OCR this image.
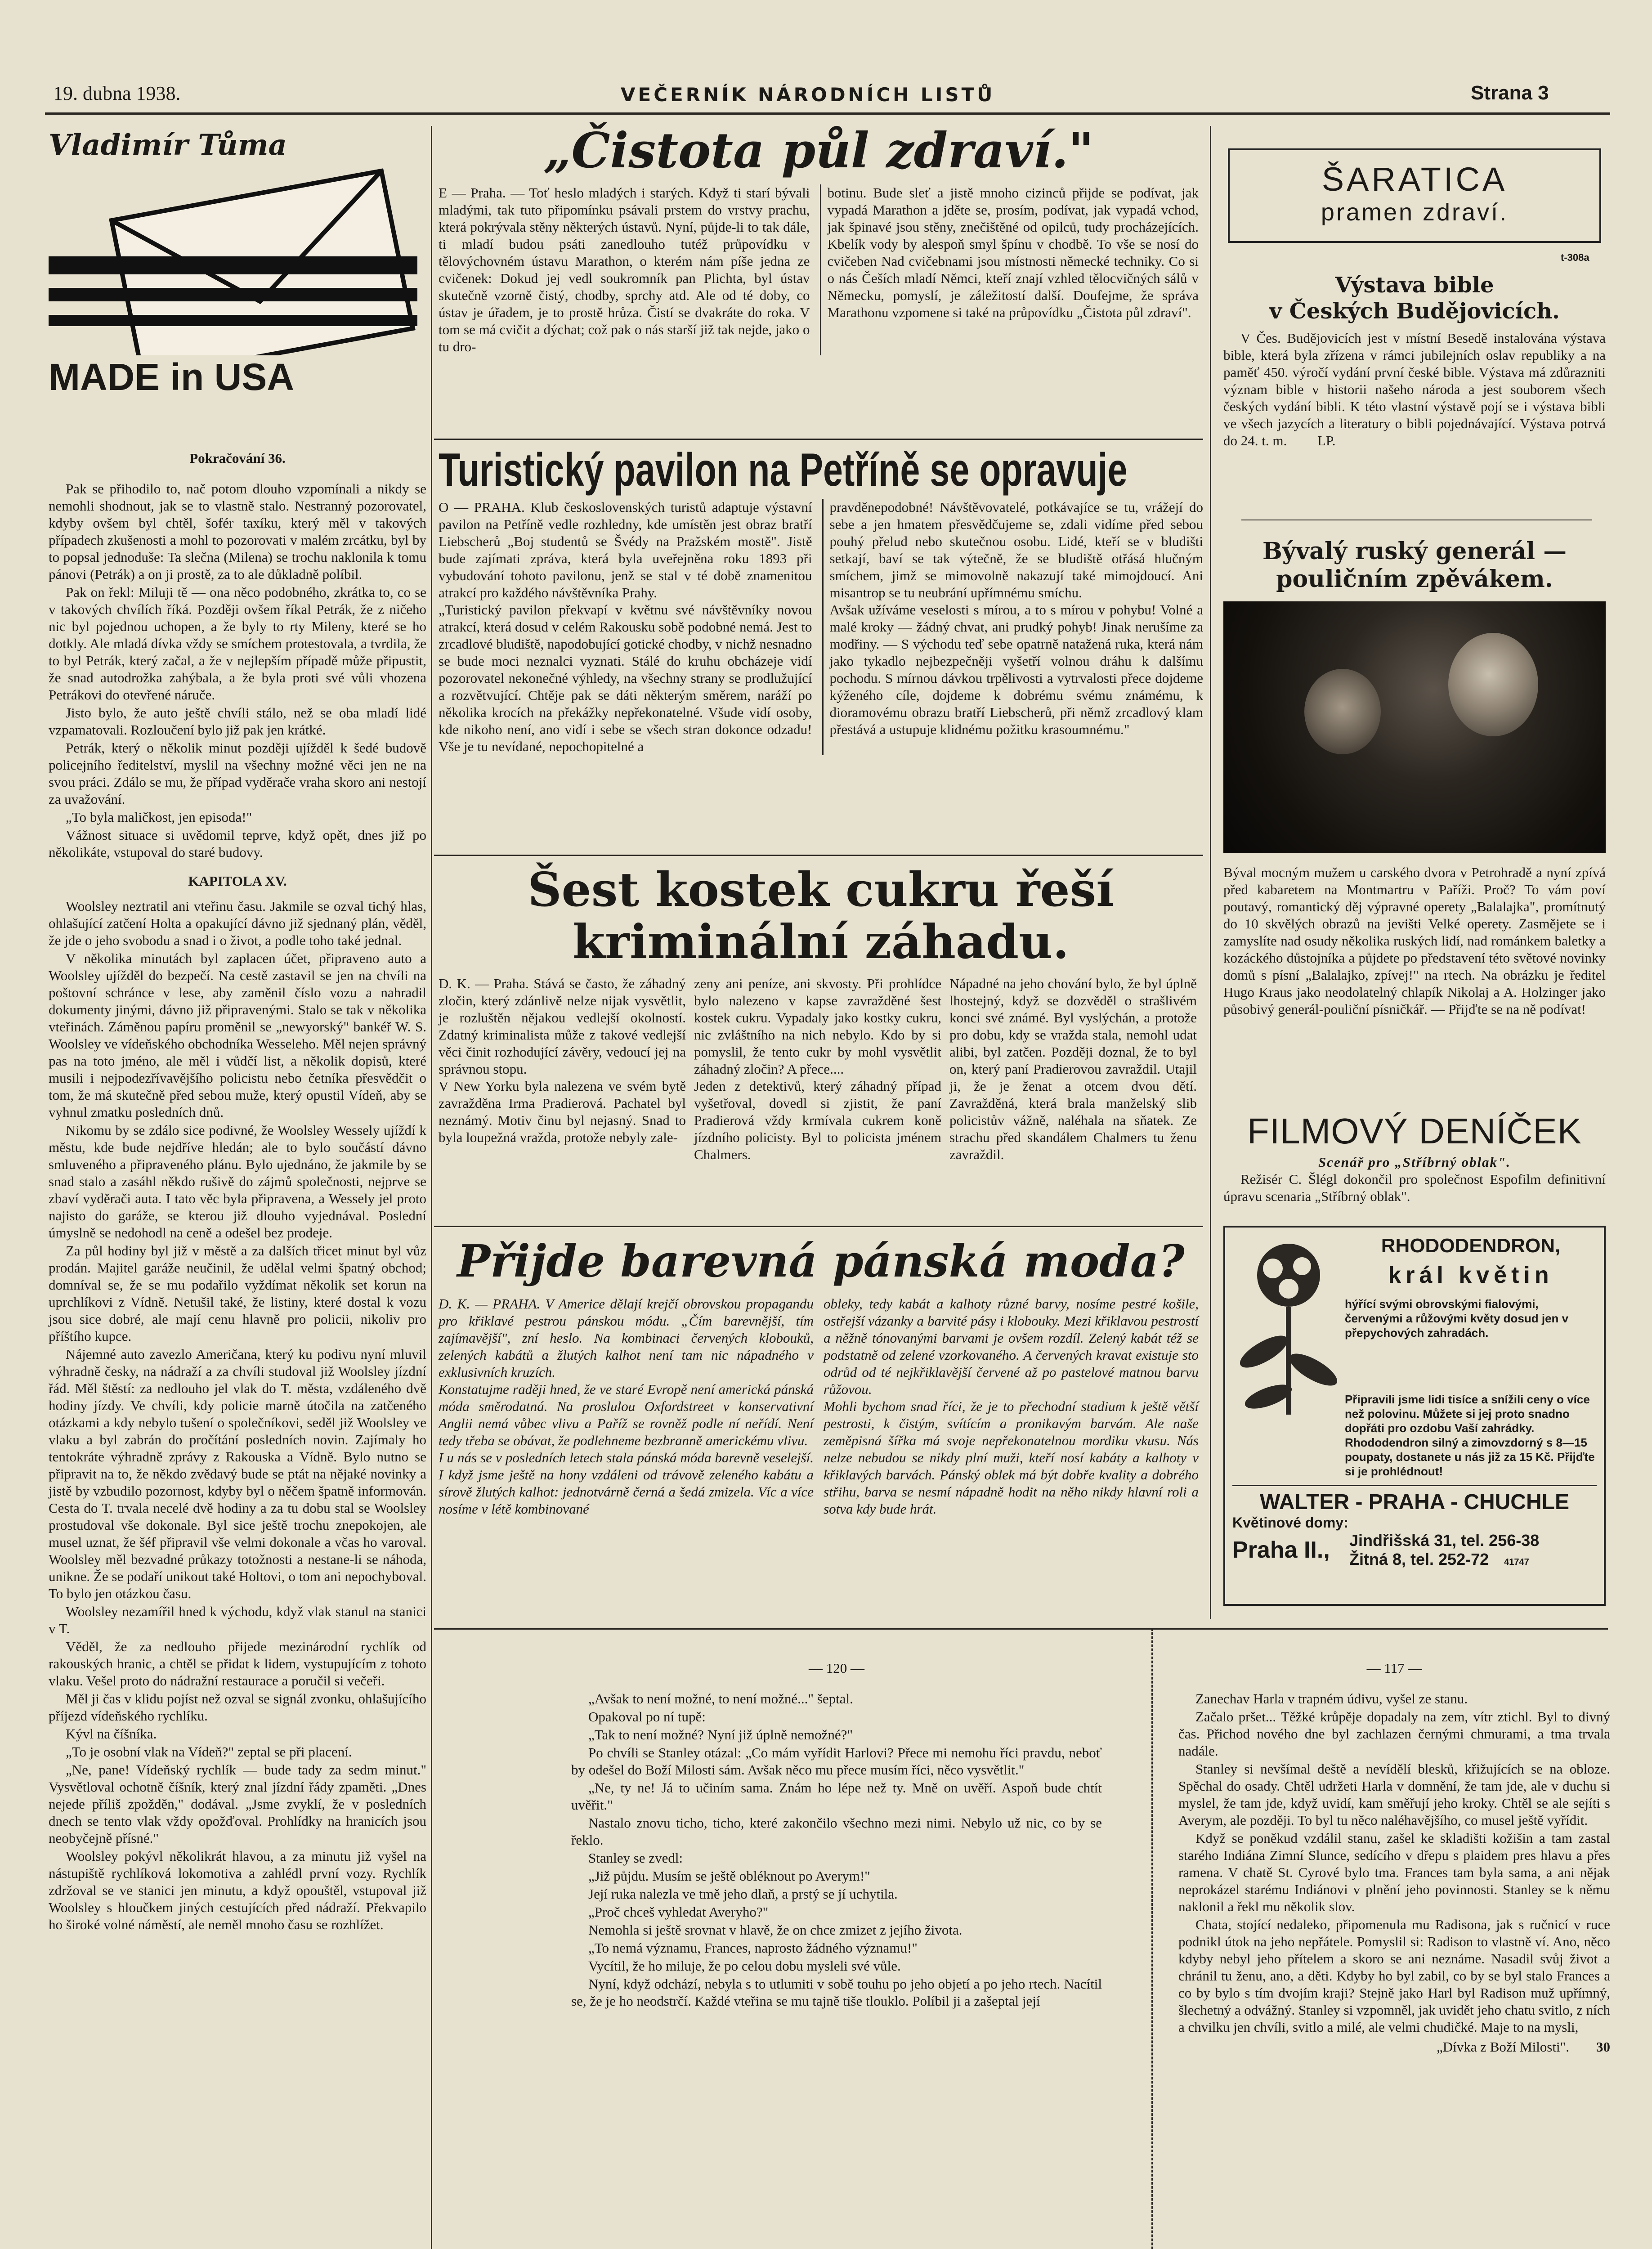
19. dubna 1938.	VEČERNÍK NÁRODNÍCH LISTŮ	Strana 3
Vladimír Tůma
MADE in USA
Pokračování 36.

Pak se přihodilo to, nač potom dlouho vzpomínali a nikdy se nemohli shodnout, jak se to vlastně stalo. Nestranný pozorovatel, kdyby ovšem byl chtěl, šofér taxíku, který měl v takových případech zkušenosti a mohl to pozorovati v malém zrcátku, byl by to popsal jednoduše: Ta slečna (Milena) se trochu naklonila k tomu pánovi (Petrák) a on ji prostě, za to ale důkladně políbil.

Pak on řekl: Miluji tě — ona něco podobného, zkrátka to, co se v takových chvílích říká. Později ovšem říkal Petrák, že z ničeho nic byl pojednou uchopen, a že byly to rty Mileny, které se ho dotkly. Ale mladá dívka vždy se smíchem protestovala, a tvrdila, že to byl Petrák, který začal, a že v nejlepším případě může připustit, že snad autodrožka zahýbala, a že byla proti své vůli vhozena Petrákovi do otevřené náruče.

Jisto bylo, že auto ještě chvíli stálo, než se oba mladí lidé vzpamatovali. Rozloučení bylo již pak jen krátké.

Petrák, který o několik minut později ujížděl k šedé budově policejního ředitelství, myslil na všechny možné věci jen ne na svou práci. Zdálo se mu, že případ vyděrače vraha skoro ani nestojí za uvažování.

„To byla maličkost, jen episoda!"

Vážnost situace si uvědomil teprve, když opět, dnes již po několikáte, vstupoval do staré budovy.

KAPITOLA XV.

Woolsley neztratil ani vteřinu času. Jakmile se ozval tichý hlas, ohlašující zatčení Holta a opakující dávno již sjednaný plán, věděl, že jde o jeho svobodu a snad i o život, a podle toho také jednal.

V několika minutách byl zaplacen účet, připraveno auto a Woolsley ujížděl do bezpečí. Na cestě zastavil se jen na chvíli na poštovní schránce v lese, aby zaměnil číslo vozu a nahradil dokumenty jinými, dávno již připravenými. Stalo se tak v několika vteřinách. Záměnou papíru proměnil se „newyorský" bankéř W. S. Woolsley ve vídeňského obchodníka Wesseleho. Měl nejen správný pas na toto jméno, ale měl i vůdčí list, a několik dopisů, které musili i nejpodezřívavějšího policistu nebo četníka přesvědčit o tom, že má skutečně před sebou muže, který opustil Vídeň, aby se vyhnul zmatku posledních dnů.

Nikomu by se zdálo sice podivné, že Woolsley Wessely ujíždí k městu, kde bude nejdříve hledán; ale to bylo součástí dávno smluveného a připraveného plánu. Bylo ujednáno, že jakmile by se snad stalo a zasáhl někdo rušivě do zájmů společnosti, nejprve se zbaví vyděrači auta. I tato věc byla připravena, a Wessely jel proto najisto do garáže, se kterou již dlouho vyjednával. Poslední úmyslně se nedohodl na ceně a odešel bez prodeje.

Za půl hodiny byl již v městě a za dalších třicet minut byl vůz prodán. Majitel garáže neučinil, že udělal velmi špatný obchod; domníval se, že se mu podařilo vyždímat několik set korun na uprchlíkovi z Vídně. Netušil také, že listiny, které dostal k vozu jsou sice dobré, ale mají cenu hlavně pro policii, nikoliv pro příštího kupce.

Nájemné auto zavezlo Američana, který ku podivu nyní mluvil výhradně česky, na nádraží a za chvíli studoval již Woolsley jízdní řád. Měl štěstí: za nedlouho jel vlak do T. města, vzdáleného dvě hodiny jízdy. Ve chvíli, kdy policie marně útočila na zatčeného otázkami a kdy nebylo tušení o společníkovi, seděl již Woolsley ve vlaku a byl zabrán do pročítání posledních novin. Zajímaly ho tentokráte výhradně zprávy z Rakouska a Vídně. Bylo nutno se připravit na to, že někdo zvědavý bude se ptát na nějaké novinky a jistě by vzbudilo pozornost, kdyby byl o něčem špatně informován. Cesta do T. trvala necelé dvě hodiny a za tu dobu stal se Woolsley prostudoval vše dokonale. Byl sice ještě trochu znepokojen, ale musel uznat, že šéf připravil vše velmi dokonale a včas ho varoval. Woolsley měl bezvadné průkazy totožnosti a nestane-li se náhoda, unikne. Že se podaří unikout také Holtovi, o tom ani nepochyboval. To bylo jen otázkou času.

Woolsley nezamířil hned k východu, když vlak stanul na stanici v T.

Věděl, že za nedlouho přijede mezinárodní rychlík od rakouských hranic, a chtěl se přidat k lidem, vystupujícím z tohoto vlaku. Vešel proto do nádražní restaurace a poručil si večeři.

Měl ji čas v klidu pojíst než ozval se signál zvonku, ohlašujícího příjezd vídeňského rychlíku.

Kývl na číšníka.

„To je osobní vlak na Vídeň?" zeptal se při placení.

„Ne, pane! Vídeňský rychlík — bude tady za sedm minut." Vysvětloval ochotně číšník, který znal jízdní řády zpaměti. „Dnes nejede příliš zpožděn," dodával. „Jsme zvyklí, že v posledních dnech se tento vlak vždy opožďoval. Prohlídky na hranicích jsou neobyčejně přísné."

Woolsley pokývl několikrát hlavou, a za minutu již vyšel na nástupiště rychlíková lokomotiva a zahlédl první vozy. Rychlík zdržoval se ve stanici jen minutu, a když opouštěl, vstupoval již Woolsley s hloučkem jiných cestujících před nádraží. Překvapilo ho široké volné náměstí, ale neměl mnoho času se rozhlížet.

„Čistota půl zdraví."
E — Praha. — Toť heslo mladých i starých. Když ti starí bývali mladými, tak tuto připomínku psávali prstem do vrstvy prachu, která pokrývala stěny některých ústavů. Nyní, půjde-li to tak dále, ti mladí budou psáti zanedlouho tutéž průpovídku v tělovýchovném ústavu Marathon, o kterém nám píše jedna ze cvičenek: Dokud jej vedl soukromník pan Plichta, byl ústav skutečně vzorně čistý, chodby, sprchy atd. Ale od té doby, co ústav je úřadem, je to prostě hrůza. Čistí se dvakráte do roka. V tom se má cvičit a dýchat; což pak o nás starší již tak nejde, jako o tu dro-
botinu. Bude sleť a jistě mnoho cizinců přijde se podívat, jak vypadá Marathon a jděte se, prosím, podívat, jak vypadá vchod, jak špinavé jsou stěny, znečištěné od opilců, tudy procházejících. Kbelík vody by alespoň smyl špínu v chodbě. To vše se nosí do cvičeben Nad cvičebnami jsou místnosti německé techniky. Co si o nás Češích mladí Němci, kteří znají vzhled tělocvičných sálů v Německu, pomyslí, je záležitostí další. Doufejme, že správa Marathonu vzpomene si také na průpovídku „Čistota půl zdraví".
Turistický pavilon na Petříně se opravuje
O — PRAHA. Klub československých turistů adaptuje výstavní pavilon na Petříně vedle rozhledny, kde umístěn jest obraz bratří Liebscherů „Boj studentů se Švédy na Pražském mostě". Jistě bude zajímati zpráva, která byla uveřejněna roku 1893 při vybudování tohoto pavilonu, jenž se stal v té době znamenitou atrakcí pro každého návštěvníka Prahy.
„Turistický pavilon překvapí v květnu své návštěvníky novou atrakcí, která dosud v celém Rakousku sobě podobné nemá. Jest to zrcadlové bludiště, napodobující gotické chodby, v nichž nesnadno se bude moci neznalci vyznati. Stálé do kruhu obcházeje vidí pozorovatel nekonečné výhledy, na všechny strany se prodlužující a rozvětvující. Chtěje pak se dáti některým směrem, naráží po několika krocích na překážky nepřekonatelné. Všude vidí osoby, kde nikoho není, ano vidí i sebe se všech stran dokonce odzadu! Vše je tu nevídané, nepochopitelné a
pravděnepodobné! Návštěvovatelé, potkávajíce se tu, vrážejí do sebe a jen hmatem přesvědčujeme se, zdali vidíme před sebou pouhý přelud nebo skutečnou osobu. Lidé, kteří se v bludišti setkají, baví se tak výtečně, že se bludiště otřásá hlučným smíchem, jimž se mimovolně nakazují také mimojdoucí. Ani misantrop se tu neubrání upřímnému smíchu.
Avšak užíváme veselosti s mírou, a to s mírou v pohybu! Volné a malé kroky — žádný chvat, ani prudký pohyb! Jinak nerušíme za modřiny. — S východu teď sebe opatrně natažená ruka, která nám jako tykadlo nejbezpečněji vyšetří volnou dráhu k dalšímu pochodu. S mírnou dávkou trpělivosti a vytrvalosti přece dojdeme kýženého cíle, dojdeme k dobrému svému známému, k dioramovému obrazu bratří Liebscherů, při němž zrcadlový klam přestává a ustupuje klidnému požitku krasoumnému."
Šest kostek cukru řeší
kriminální záhadu.
D. K. — Praha. Stává se často, že záhadný zločin, který zdánlivě nelze nijak vysvětlit, je rozluštěn nějakou vedlejší okolností. Zdatný kriminalista může z takové vedlejší věci činit rozhodující závěry, vedoucí jej na správnou stopu.
V New Yorku byla nalezena ve svém bytě zavražděna Irma Pradierová. Pachatel byl neznámý. Motiv činu byl nejasný. Snad to byla loupežná vražda, protože nebyly zale-
zeny ani peníze, ani skvosty. Při prohlídce bylo nalezeno v kapse zavražděné šest kostek cukru. Vypadaly jako kostky cukru, nic zvláštního na nich nebylo. Kdo by si pomyslil, že tento cukr by mohl vysvětlit záhadný zločin? A přece....
Jeden z detektivů, který záhadný případ vyšetřoval, dovedl si zjistit, že paní Pradierová vždy krmívala cukrem koně jízdního policisty. Byl to policista jménem Chalmers.
Nápadné na jeho chování bylo, že byl úplně lhostejný, když se dozvěděl o strašlivém konci své známé. Byl vyslýchán, a protože pro dobu, kdy se vražda stala, nemohl udat alibi, byl zatčen. Později doznal, že to byl on, který paní Pradierovou zavraždil. Utajil ji, že je ženat a otcem dvou dětí. Zavražděná, která brala manželský slib policistův vážně, naléhala na sňatek. Ze strachu před skandálem Chalmers tu ženu zavraždil.
Přijde barevná pánská moda?
D. K. — PRAHA. V Americe dělají krejčí obrovskou propagandu pro křiklavé pestrou pánskou módu. „Čím barevnější, tím zajímavější", zní heslo. Na kombinaci červených klobouků, zelených kabátů a žlutých kalhot není tam nic nápadného v exklusivních kruzích.
Konstatujme raději hned, že ve staré Evropě není americká pánská móda směrodatná. Na proslulou Oxfordstreet v konservativní Anglii nemá vůbec vlivu a Paříž se rovněž podle ní neřídí. Není tedy třeba se obávat, že podlehneme bezbranně americkému vlivu.
I u nás se v posledních letech stala pánská móda barevně veselejší. I když jsme ještě na hony vzdáleni od trávově zeleného kabátu a sírově žlutých kalhot: jednotvárně černá a šedá zmizela. Víc a více nosíme v létě kombinované
obleky, tedy kabát a kalhoty různé barvy, nosíme pestré košile, ostřejší vázanky a barvité pásy i klobouky. Mezi křiklavou pestrostí a něžně tónovanými barvami je ovšem rozdíl. Zelený kabát též se podstatně od zelené vzorkovaného. A červených kravat existuje sto odrůd od té nejkřiklavější červené až po pastelové matnou barvu růžovou.
Mohli bychom snad říci, že je to přechodní stadium k ještě větší pestrosti, k čistým, svítícím a pronikavým barvám. Ale naše zeměpisná šířka má svoje nepřekonatelnou mordiku vkusu. Nás nelze nebudou se nikdy plní muži, kteří nosí kabáty a kalhoty v křiklavých barvách. Pánský oblek má být dobře kvality a dobrého střihu, barva se nesmí nápadně hodit na něho nikdy hlavní roli a sotva kdy bude hrát.
ŠARATICA
pramen zdraví.
t-308a
Výstava bible
v Českých Budějovicích.
V Čes. Budějovicích jest v místní Besedě instalována výstava bible, která byla zřízena v rámci jubilejních oslav republiky a na paměť 450. výročí vydání první české bible. Výstava má zdůrazniti význam bible v historii našeho národa a jest souborem všech českých vydání bibli. K této vlastní výstavě pojí se i výstava bibli ve všech jazycích a literatury o bibli pojednávající. Výstava potrvá do 24. t. m. LP.
Bývalý ruský generál —
pouličním zpěvákem.
Býval mocným mužem u carského dvora v Petrohradě a nyní zpívá před kabaretem na Montmartru v Paříži. Proč? To vám poví poutavý, romantický děj výpravné operety „Balalajka", promítnutý do 10 skvělých obrazů na jevišti Velké operety. Zasmějete se i zamyslíte nad osudy několika ruských lidí, nad románkem baletky a kozáckého důstojníka a půjdete po představení této světové novinky domů s písní „Balalajko, zpívej!" na rtech. Na obrázku je ředitel Hugo Kraus jako neodolatelný chlapík Nikolaj a A. Holzinger jako působivý generál-pouliční písničkář. — Přijďte se na ně podívat!
FILMOVÝ DENÍČEK
Scenář pro „Stříbrný oblak".
Režisér C. Šlégl dokončil pro společnost Espofilm definitivní úpravu scenaria „Stříbrný oblak".
RHODODENDRON,
král květin
hýřící svými obrovskými fialovými, červenými a růžovými květy dosud jen v přepychových zahradách.
Připravili jsme lidi tisíce a snížili ceny o více než polovinu. Můžete si jej proto snadno dopřáti pro ozdobu Vaší zahrádky. Rhododendron silný a zimovzdorný s 8—15 poupaty, dostanete u nás již za 15 Kč. Přijďte si je prohlédnout!
WALTER - PRAHA - CHUCHLE
Květinové domy:
Praha II.,	Jindřišská 31, tel. 256-38
Žitná 8, tel. 252-72 41747
— 120 —

„Avšak to není možné, to není možné..." šeptal.

Opakoval po ní tupě:

„Tak to není možné? Nyní již úplně nemožné?"

Po chvíli se Stanley otázal: „Co mám vyřídit Harlovi? Přece mi nemohu říci pravdu, neboť by odešel do Boží Milosti sám. Avšak něco mu přece musím říci, něco vysvětlit."

„Ne, ty ne! Já to učiním sama. Znám ho lépe než ty. Mně on uvěří. Aspoň bude chtít uvěřit."

Nastalo znovu ticho, ticho, které zakončilo všechno mezi nimi. Nebylo už nic, co by se řeklo.

Stanley se zvedl:

„Již půjdu. Musím se ještě obléknout po Averym!"

Její ruka nalezla ve tmě jeho dlaň, a prstý se jí uchytila.

„Proč chceš vyhledat Averyho?"

Nemohla si ještě srovnat v hlavě, že on chce zmizet z jejího života.

„To nemá významu, Frances, naprosto žádného významu!"

Vycítil, že ho miluje, že po celou dobu mysleli své vůle.

Nyní, když odchází, nebyla s to utlumiti v sobě touhu po jeho objetí a po jeho rtech. Nacítil se, že je ho neodstrčí. Každé vteřina se mu tajně tiše tlouklo. Políbil ji a zašeptal její

— 117 —

Zanechav Harla v trapném údivu, vyšel ze stanu.

Začalo pršet... Těžké krůpěje dopadaly na zem, vítr ztichl. Byl to divný čas. Přichod nového dne byl zachlazen černými chmurami, a tma trvala nadále.

Stanley si nevšímal deště a nevídělí blesků, křižujících se na obloze. Spěchal do osady. Chtěl udržeti Harla v domnění, že tam jde, ale v duchu si myslel, že tam jde, když uvidí, kam směřují jeho kroky. Chtěl se ale sejíti s Averym, ale později. To byl tu něco naléhavějšího, co musel ještě vyřídit.

Když se poněkud vzdálil stanu, zašel ke skladišti kožišin a tam zastal starého Indiána Zimní Slunce, sedícího v dřepu s plaidem pres hlavu a přes ramena. V chatě St. Cyrové bylo tma. Frances tam byla sama, a ani nějak neprokázel starému Indiánovi v plnění jeho povinnosti. Stanley se k němu naklonil a řekl mu několik slov.

Chata, stojící nedaleko, připomenula mu Radisona, jak s ručnicí v ruce podnikl útok na jeho nepřátele. Pomyslil si: Radison to vlastně ví. Ano, něco kdyby nebyl jeho přítelem a skoro se ani neznáme. Nasadil svůj život a chránil tu ženu, ano, a děti. Kdyby ho byl zabil, co by se byl stalo Frances a co by bylo s tím dvojím kraji? Stejně jako Harl byl Radison muž upřímný, šlechetný a odvážný. Stanley si vzpomněl, jak uvidět jeho chatu svitlo, z ních a chvilku jen chvíli, svitlo a milé, ale velmi chudičké. Maje to na mysli,

„Dívka z Boží Milosti". 30
